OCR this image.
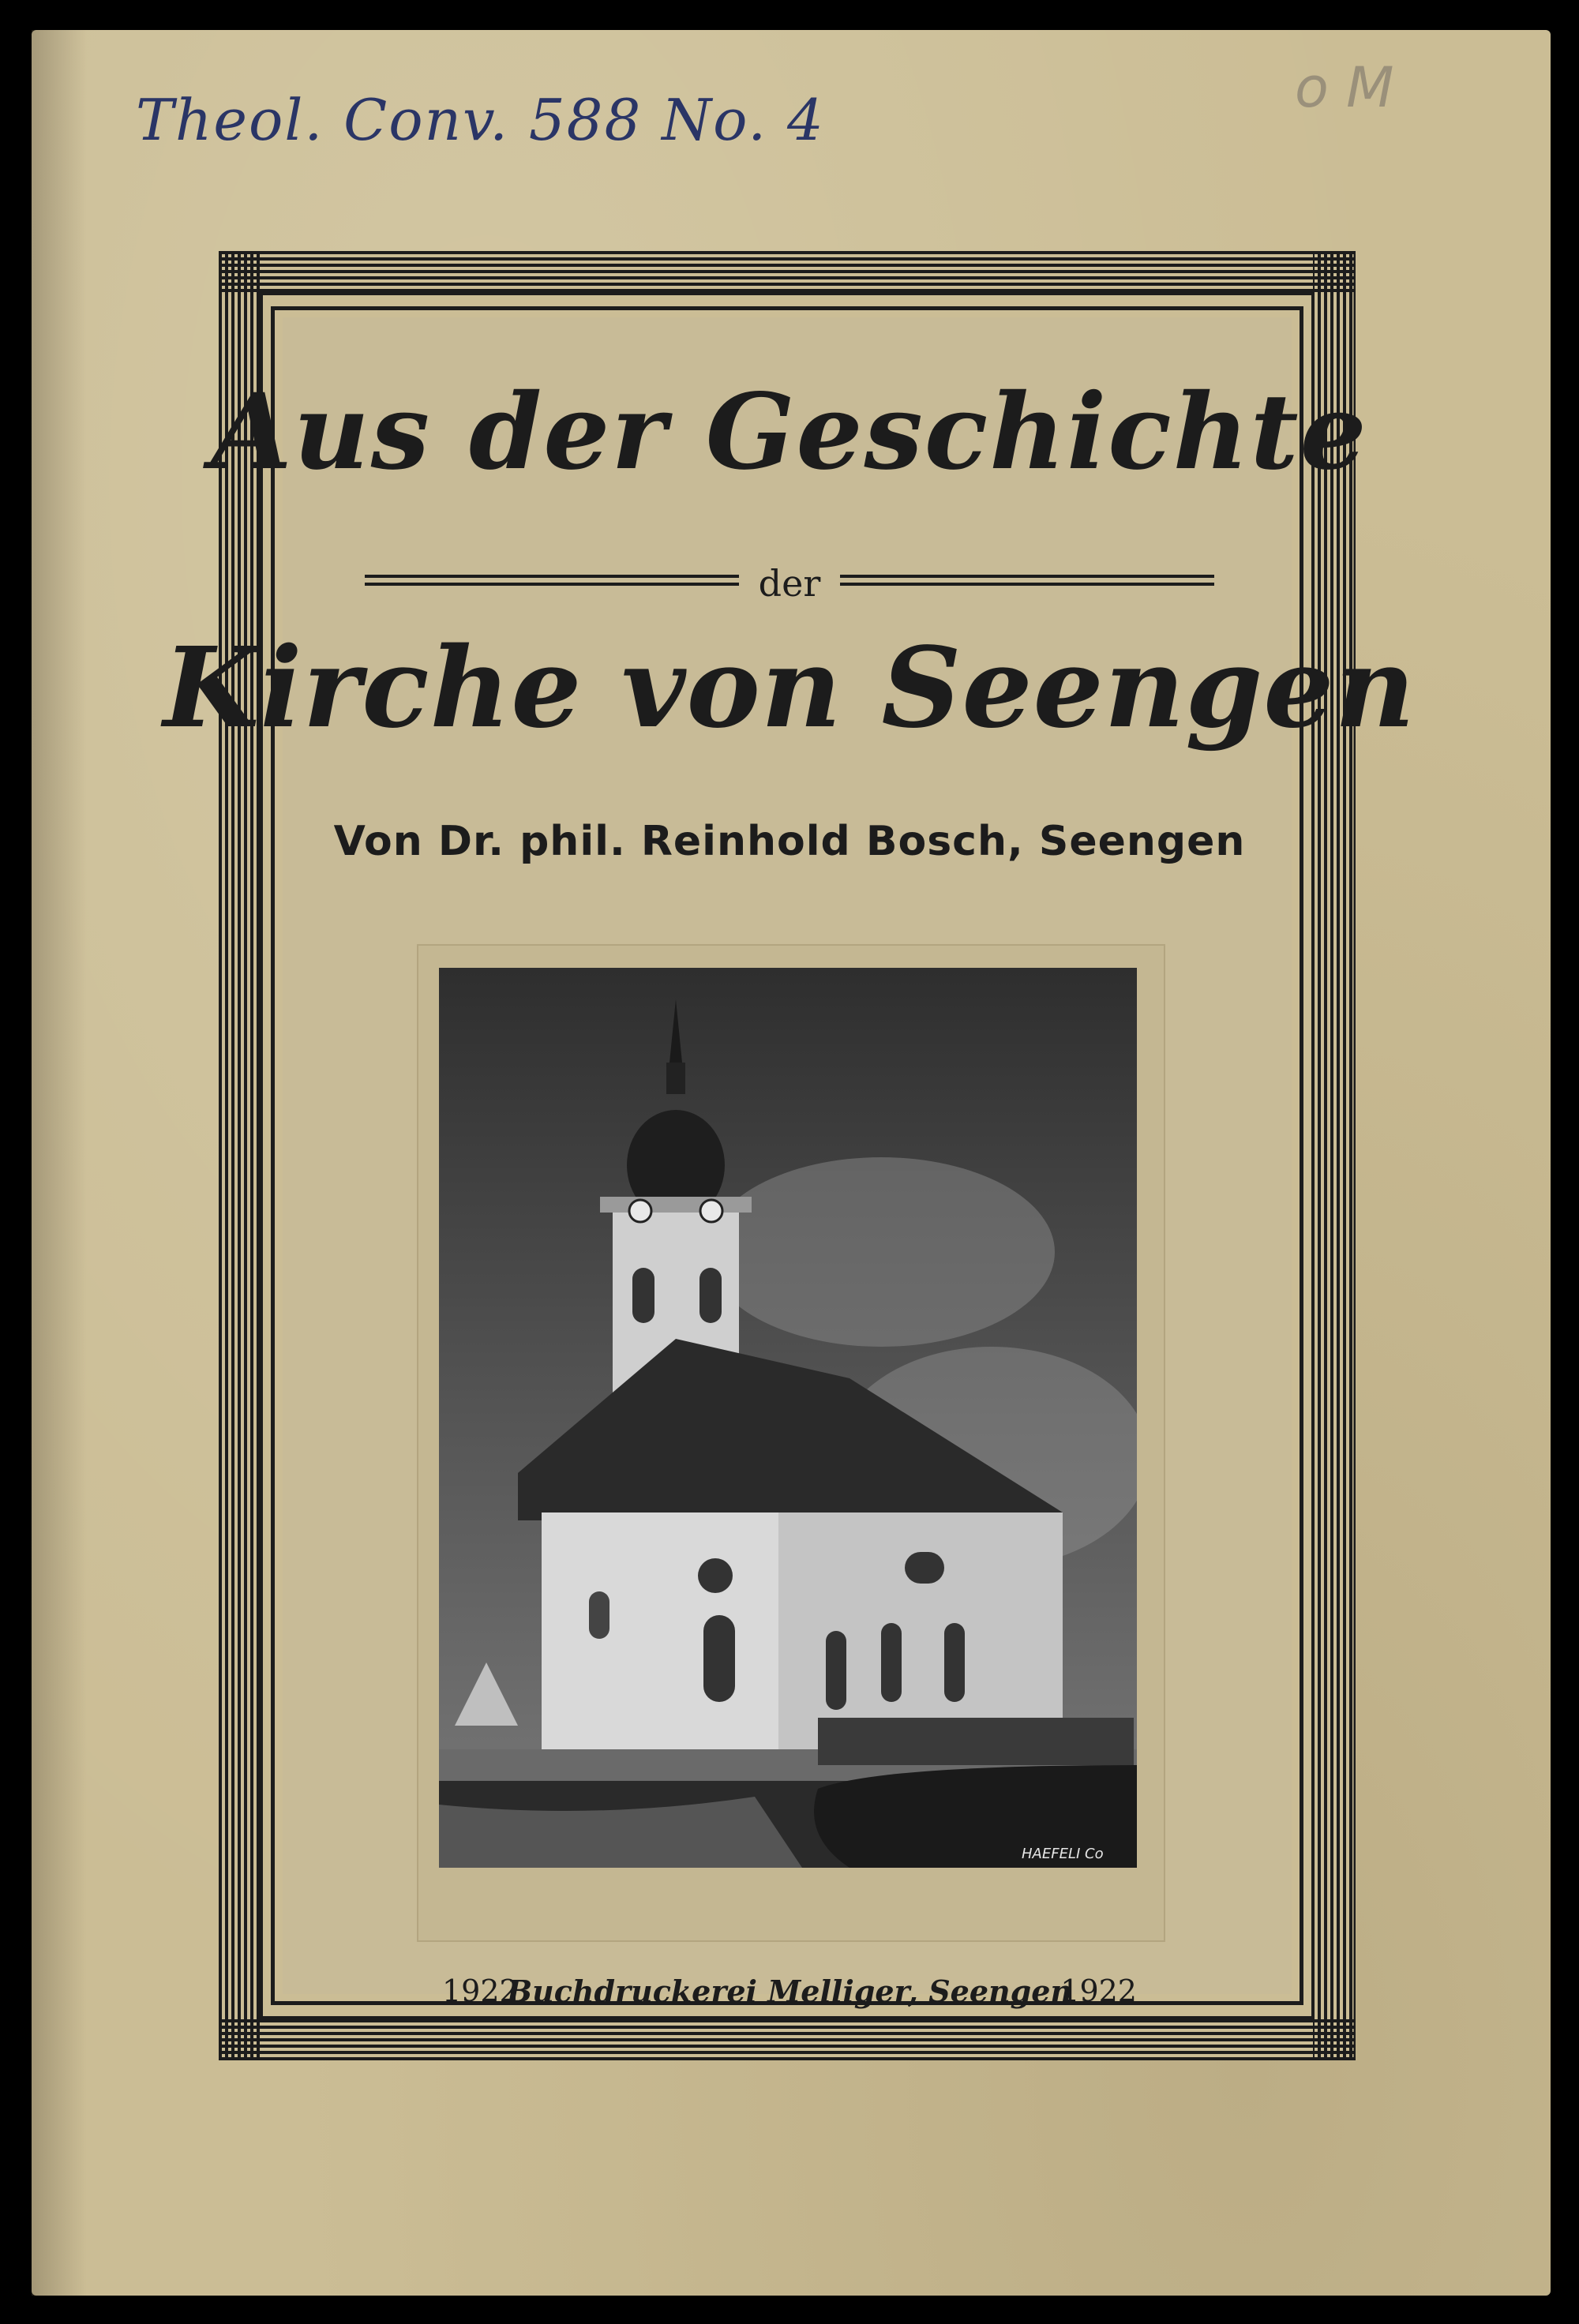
Theol. Conv. 588 No. 4	o M
Aus der Geschichte
der
Kirche von Seengen
Von Dr. phil. Reinhold Bosch, Seengen
HAEFELI Co
1922
Buchdruckerei Melliger, Seengen
1922
